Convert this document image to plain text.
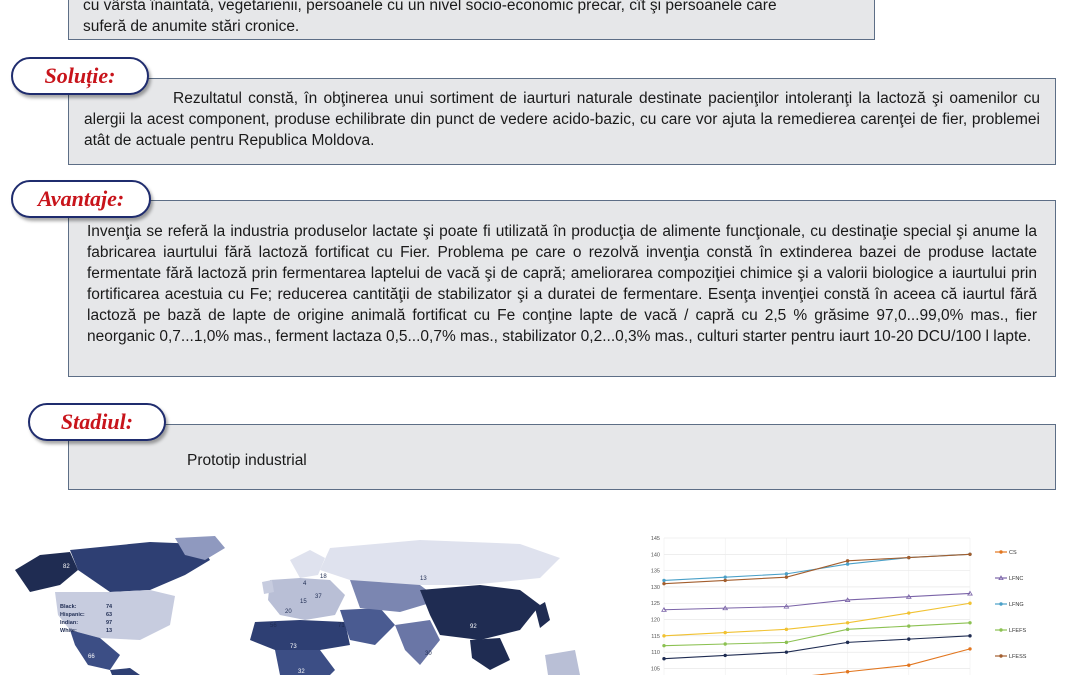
cu vârsta înaintată, vegetarienii, persoanele cu un nivel socio-economic precar, cît şi persoanele care

suferă de anumite stări cronice.

Rezultatul constă, în obţinerea unui sortiment de iaurturi naturale destinate pacienţilor intoleranţi la lactoză şi oamenilor cu alergii la acest component, produse echilibrate din punct de vedere acido-bazic, cu care vor ajuta la remedierea carenţei de fier, problemei atât de actuale pentru Republica Moldova.

Soluție:

Invenţia se referă la industria produselor lactate şi poate fi utilizată în producţia de alimente funcţionale, cu destinaţie special şi anume la fabricarea iaurtului fără lactoză fortificat cu Fier. Problema pe care o rezolvă invenţia constă în extinderea bazei de produse lactate fermentate fără lactoză prin fermentarea laptelui de vacă şi de capră; ameliorarea compoziţiei chimice şi a valorii biologice a iaurtului prin fortificarea acestuia cu Fe; reducerea cantităţii de stabilizator şi a duratei de fermentare. Esenţa invenţiei constă în aceea că iaurtul fără lactoză pe bază de lapte de origine animală fortificat cu Fe conţine lapte de vacă / capră cu 2,5 % grăsime 97,0...99,0% mas., fier neorganic 0,7...1,0% mas., ferment lactaza 0,5...0,7% mas., stabilizator 0,2...0,3% mas., culturi starter pentru iaurt 10-20 DCU/100 l lapte.

Avantaje:

Prototip industrial

Stadiul:
82
66
73
32
92
13
4
18
20
37
15
56	71
30
Black:	74
Hispanic:	63
Indian:	97
White:	13
145
140
135
130
125
120
115
110
105
CS
LFNC
LFNG
LFEFS
LFESS
